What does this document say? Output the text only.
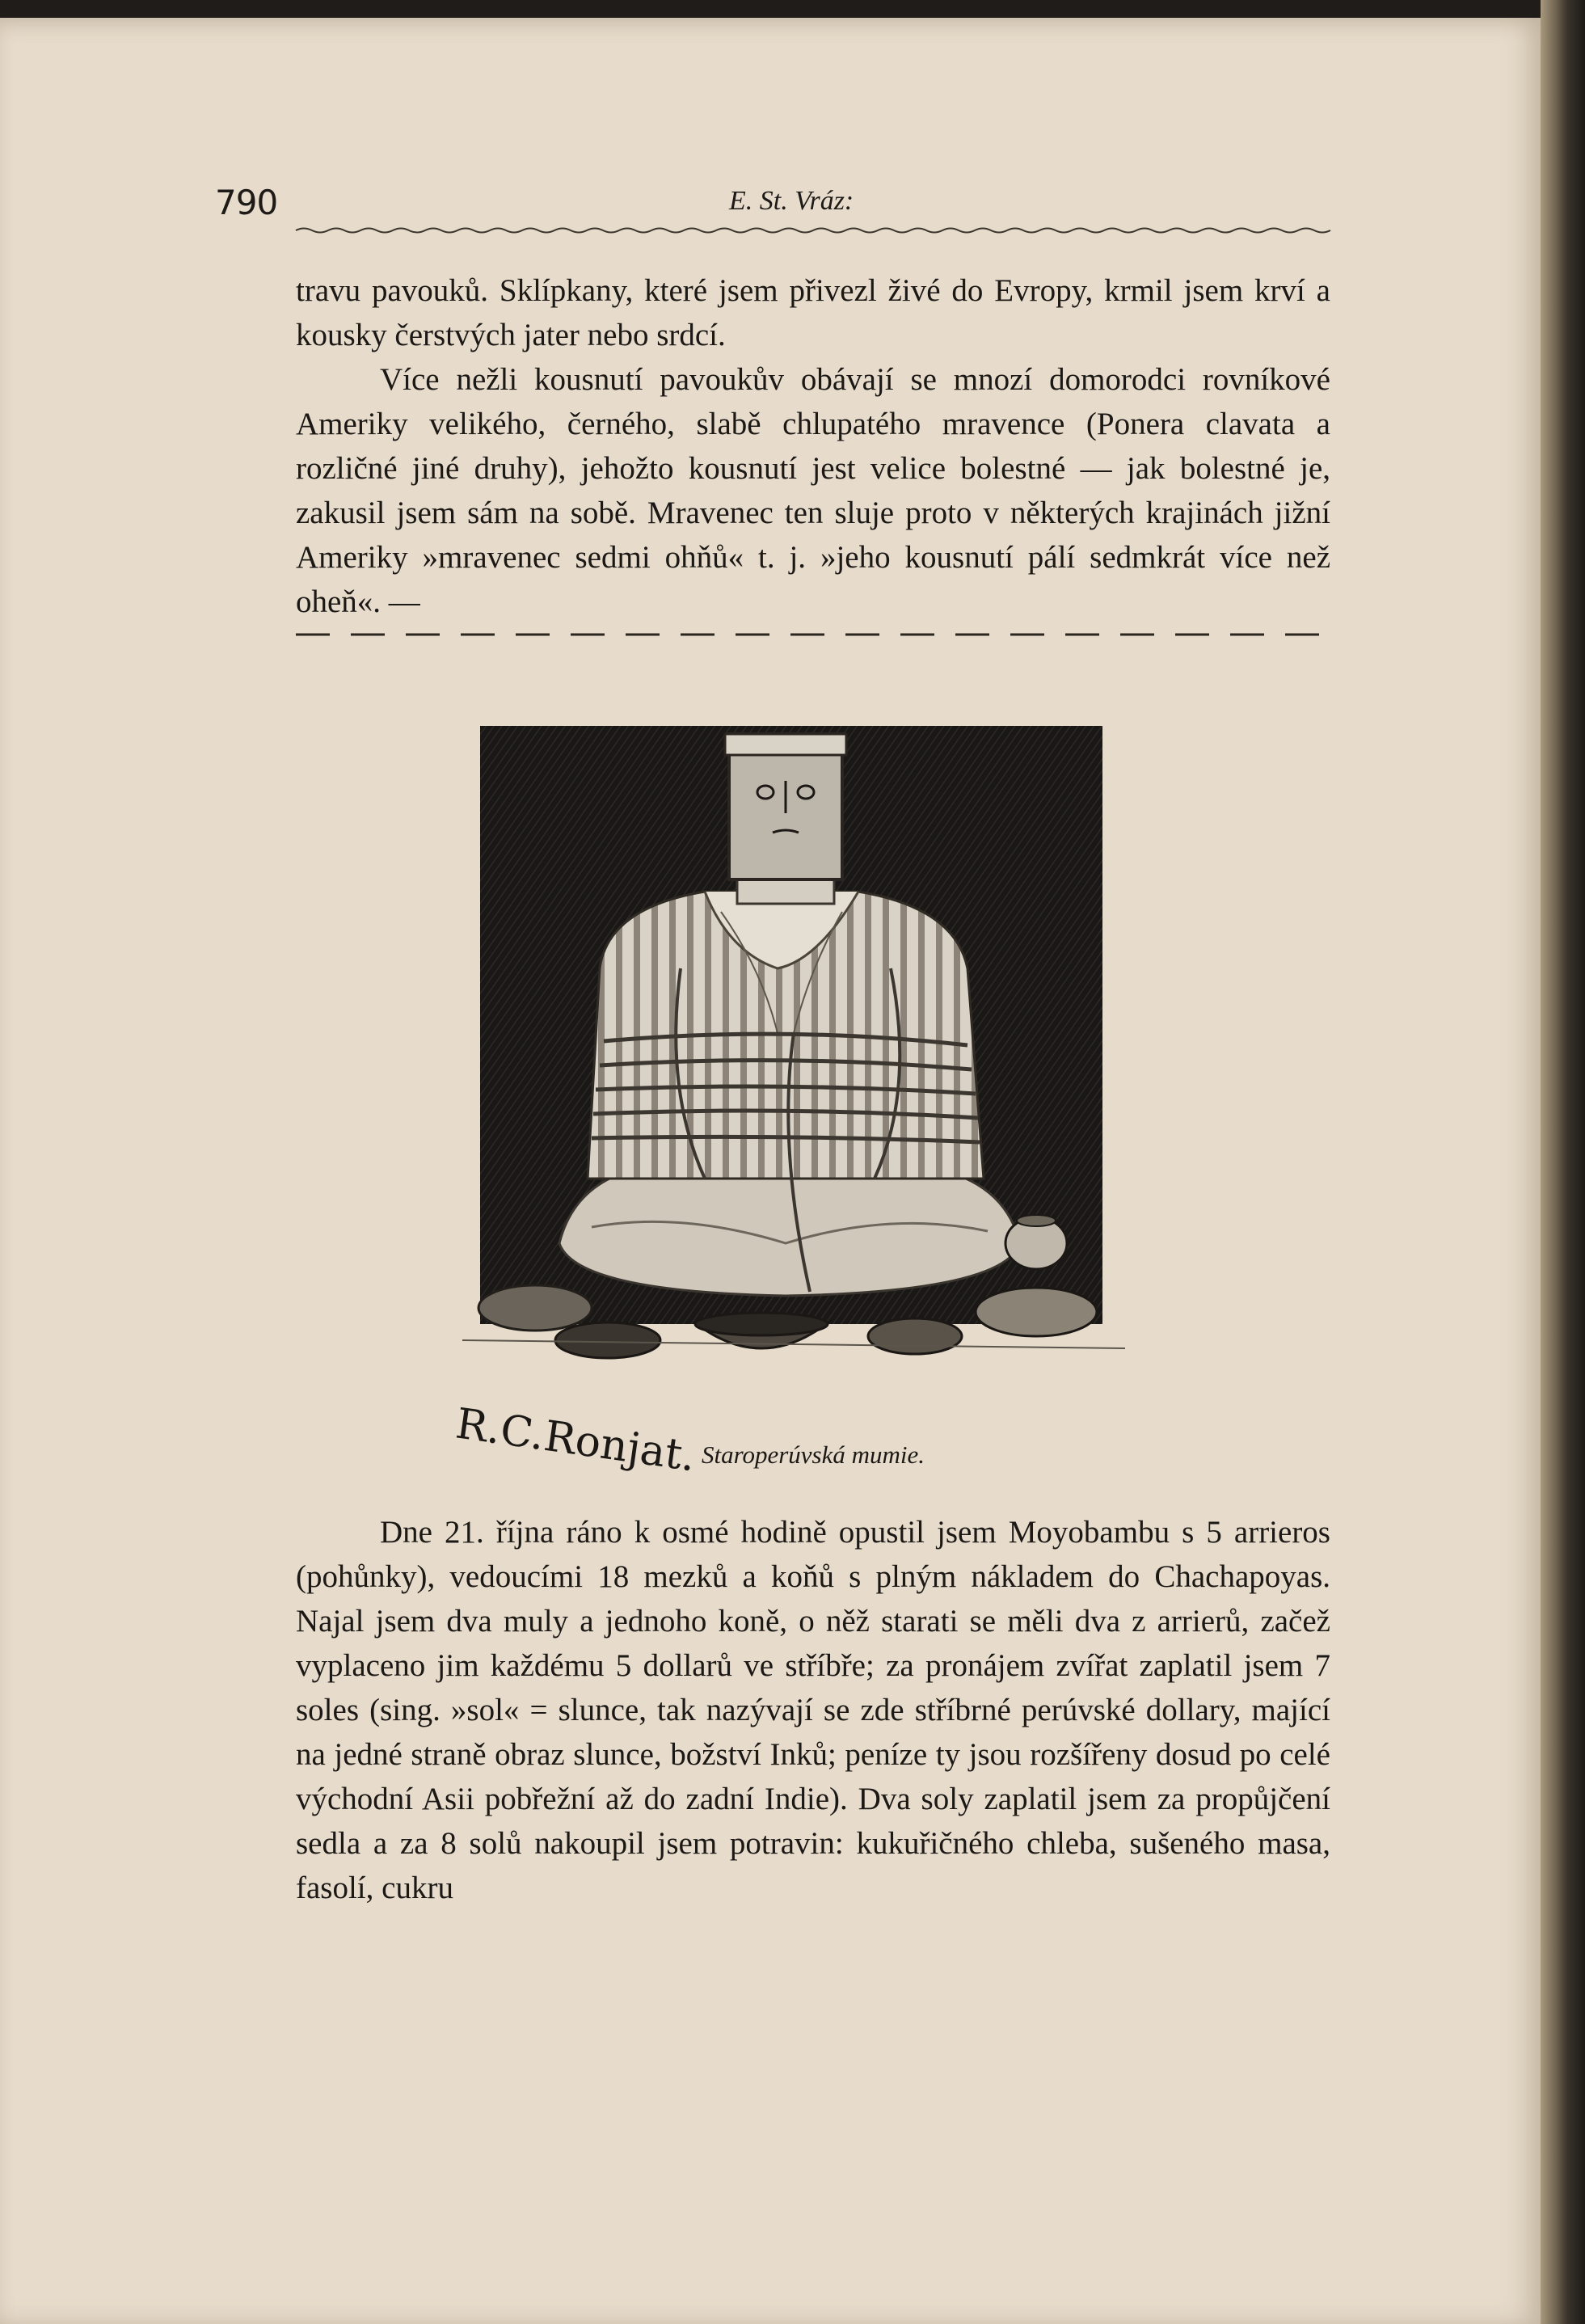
790	E. St. Vráz:

travu pavouků. Sklípkany, které jsem přivezl živé do Evropy, krmil jsem krví a kousky čerstvých jater nebo srdcí.

Více nežli kousnutí pavoukův obávají se mnozí domorodci rovníkové Ameriky velikého, černého, slabě chlupatého mravence (Ponera clavata a rozličné jiné druhy), jehožto kousnutí jest velice bolestné — jak bolestné je, zakusil jsem sám na sobě. Mravenec ten sluje proto v některých krajinách jižní Ameriky »mravenec sedmi ohňů« t. j. »jeho kousnutí pálí sedmkrát více než oheň«. —

R.C.Ronjat. Staroperúvská mumie.

Dne 21. října ráno k osmé hodině opustil jsem Moyobambu s 5 arrieros (pohůnky), vedoucími 18 mezků a koňů s plným nákladem do Chachapoyas. Najal jsem dva muly a jednoho koně, o něž starati se měli dva z arrierů, začež vyplaceno jim každému 5 dollarů ve stříbře; za pronájem zvířat zaplatil jsem 7 soles (sing. »sol« = slunce, tak nazývají se zde stříbrné perúvské dollary, mající na jedné straně obraz slunce, božství Inků; peníze ty jsou rozšířeny dosud po celé východní Asii pobřežní až do zadní Indie). Dva soly zaplatil jsem za propůjčení sedla a za 8 solů nakoupil jsem potravin: kukuřičného chleba, sušeného masa, fasolí, cukru
